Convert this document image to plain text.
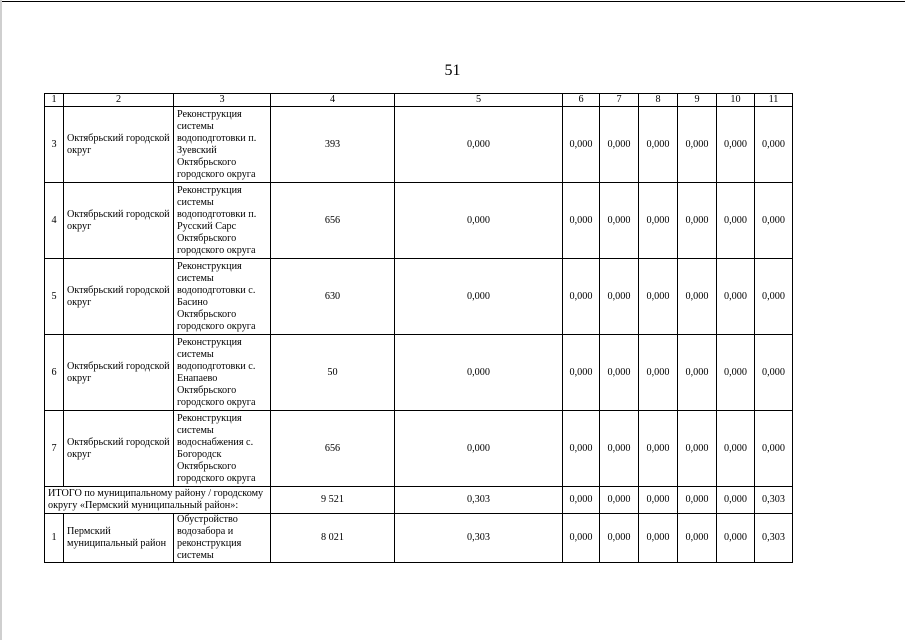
51
1	2	3	4	5	6	7	8	9	10	11
3	Октябрьский городской округ	Реконструкция системы водоподготовки п. Зуевский Октябрьского городского округа	393	0,000	0,000	0,000	0,000	0,000	0,000	0,000
4	Октябрьский городской округ	Реконструкция системы водоподготовки п. Русский Сарс Октябрьского городского округа	656	0,000	0,000	0,000	0,000	0,000	0,000	0,000
5	Октябрьский городской округ	Реконструкция системы водоподготовки с. Басино Октябрьского городского округа	630	0,000	0,000	0,000	0,000	0,000	0,000	0,000
6	Октябрьский городской округ	Реконструкция системы водоподготовки с. Енапаево Октябрьского городского округа	50	0,000	0,000	0,000	0,000	0,000	0,000	0,000
7	Октябрьский городской округ	Реконструкция системы водоснабжения с. Богородск Октябрьского городского округа	656	0,000	0,000	0,000	0,000	0,000	0,000	0,000
ИТОГО по муниципальному району / городскому округу «Пермский муниципальный район»:			9 521	0,303	0,000	0,000	0,000	0,000	0,000	0,303
1	Пермский муниципальный район	Обустройство водозабора и реконструкция системы	8 021	0,303	0,000	0,000	0,000	0,000	0,000	0,303
